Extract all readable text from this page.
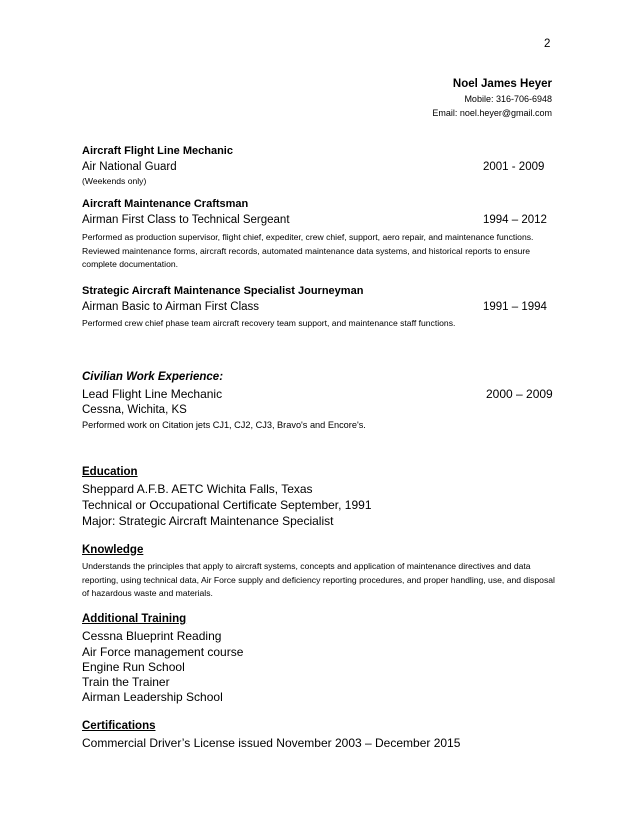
2
Noel James Heyer
Mobile: 316-706-6948
Email: noel.heyer@gmail.com
Aircraft Flight Line Mechanic
Air National Guard	2001 - 2009
(Weekends only)
Aircraft Maintenance Craftsman
Airman First Class to Technical Sergeant	1994 – 2012
Performed as production supervisor, flight chief, expediter, crew chief, support, aero repair, and maintenance functions. Reviewed maintenance forms, aircraft records, automated maintenance data systems, and historical reports to ensure complete documentation.
Strategic Aircraft Maintenance Specialist Journeyman
Airman Basic to Airman First Class	1991 – 1994
Performed crew chief phase team aircraft recovery team support, and maintenance staff functions.
Civilian Work Experience:
Lead Flight Line Mechanic	2000 – 2009
Cessna, Wichita, KS
Performed work on Citation jets CJ1, CJ2, CJ3, Bravo's and Encore's.
Education
Sheppard A.F.B. AETC Wichita Falls, Texas
Technical or Occupational Certificate September, 1991
Major: Strategic Aircraft Maintenance Specialist
Knowledge
Understands the principles that apply to aircraft systems, concepts and application of maintenance directives and data reporting, using technical data, Air Force supply and deficiency reporting procedures, and proper handling, use, and disposal of hazardous waste and materials.
Additional Training
Cessna Blueprint Reading
Air Force management course
Engine Run School
Train the Trainer
Airman Leadership School
Certifications
Commercial Driver’s License issued November 2003 – December 2015
